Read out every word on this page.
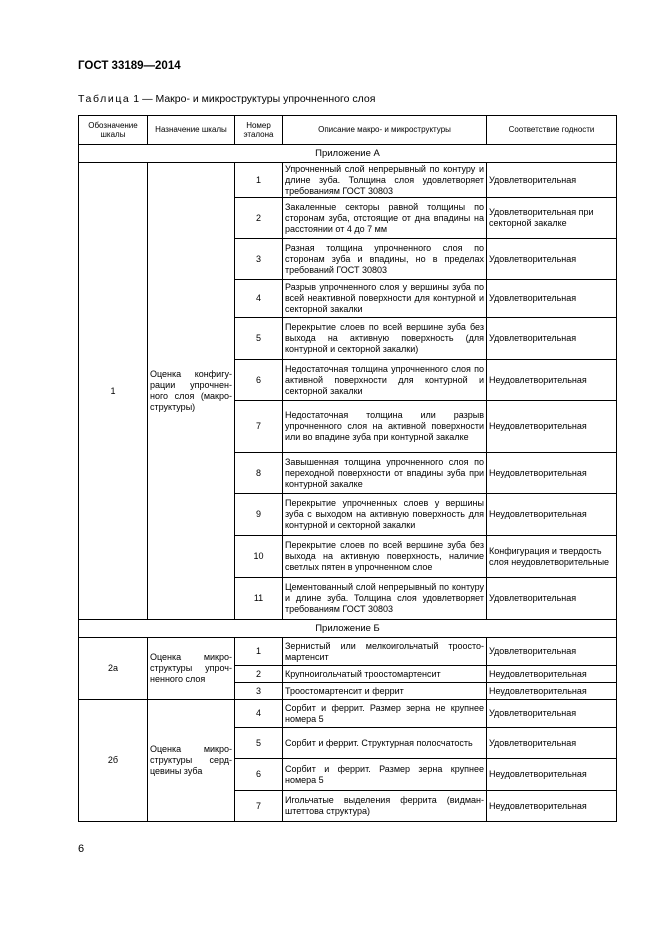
ГОСТ 33189—2014
Таблица 1 — Макро- и микроструктуры упрочненного слоя
Обозначение шкалы	Назначение шкалы	Номер эталона	Описание макро- и микроструктуры	Соответствие годности
Приложение А				
1	Оценка конфигурации упрочненного слоя (макроструктуры)	1	Упрочненный слой непрерывный по контуру и длине зуба. Толщина слоя удовлетворяет требованиям ГОСТ 30803	Удовлетворительная
		2	Закаленные секторы равной толщины по сторонам зуба, отстоящие от дна впадины на расстоянии от 4 до 7 мм	Удовлетворительная при секторной закалке
		3	Разная толщина упрочненного слоя по сторонам зуба и впадины, но в пределах требований ГОСТ 30803	Удовлетворительная
		4	Разрыв упрочненного слоя у вершины зуба по всей неактивной поверхности для контурной и секторной закалки	Удовлетворительная
		5	Перекрытие слоев по всей вершине зуба без выхода на активную поверхность (для контурной и секторной закалки)	Удовлетворительная
		6	Недостаточная толщина упрочненного слоя по активной поверхности для контурной и секторной закалки	Неудовлетворительная
		7	Недостаточная толщина или разрыв упрочненного слоя на активной поверхности или во впадине зуба при контурной закалке	Неудовлетворительная
		8	Завышенная толщина упрочненного слоя по переходной поверхности от впадины зуба при контурной закалке	Неудовлетворительная
		9	Перекрытие упрочненных слоев у вершины зуба с выходом на активную поверхность для контурной и секторной закалки	Неудовлетворительная
		10	Перекрытие слоев по всей вершине зуба без выхода на активную поверхность, наличие светлых пятен в упрочненном слое	Конфигурация и твердость слоя неудовлетворительные
		11	Цементованный слой непрерывный по контуру и длине зуба. Толщина слоя удовлетворяет требованиям ГОСТ 30803	Удовлетворительная
Приложение Б				
2а	Оценка микроструктуры упрочненного слоя	1	Зернистый или мелкоигольчатый троостомартенсит	Удовлетворительная
		2	Крупноигольчатый троостомартенсит	Неудовлетворительная
		3	Троостомартенсит и феррит	Неудовлетворительная
2б	Оценка микроструктуры сердцевины зуба	4	Сорбит и феррит. Размер зерна не крупнее номера 5	Удовлетворительная
		5	Сорбит и феррит. Структурная полосчатость	Удовлетворительная
		6	Сорбит и феррит. Размер зерна крупнее номера 5	Неудовлетворительная
		7	Игольчатые выделения феррита (видманштеттова структура)	Неудовлетворительная
6
